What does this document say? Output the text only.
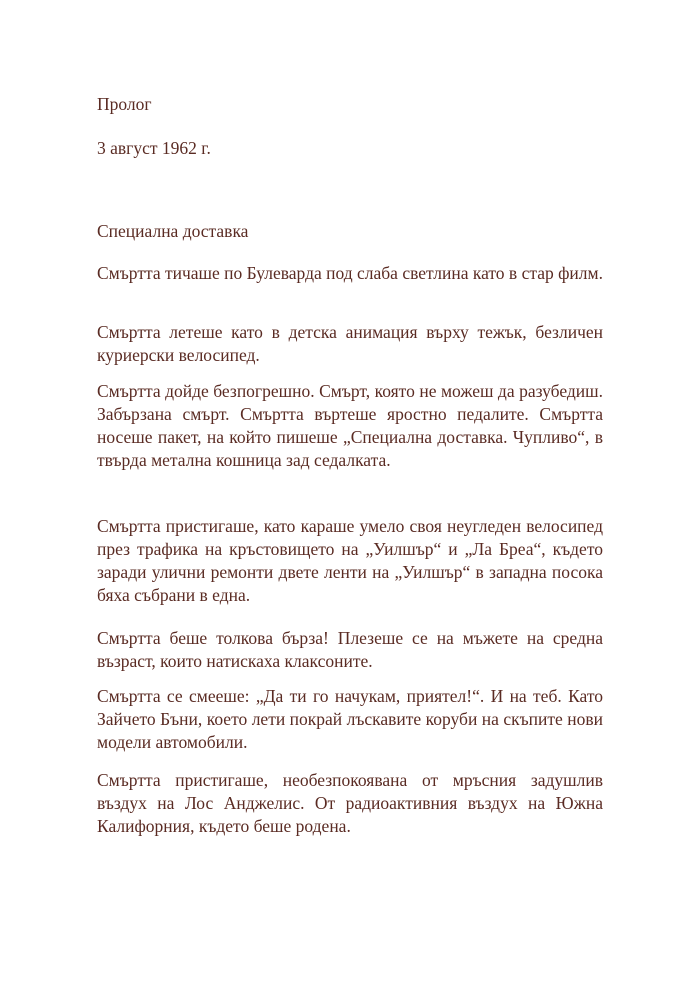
Пролог
3 август 1962 г.
Специална доставка

Смъртта тичаше по Булеварда под слаба светлина като в стар филм.

Смъртта летеше като в детска анимация върху тежък, безличен куриерски велосипед.

Смъртта дойде безпогрешно. Смърт, която не можеш да разубедиш. Забързана смърт. Смъртта въртеше яростно педалите. Смъртта носеше пакет, на който пишеше „Специална доставка. Чупливо“, в твърда метална кошница зад седалката.

Смъртта пристигаше, като караше умело своя неугледен велосипед през трафика на кръстовището на „Уилшър“ и „Ла Бреа“, където заради улични ремонти двете ленти на „Уилшър“ в западна посока бяха събрани в една.

Смъртта беше толкова бърза! Плезеше се на мъжете на средна възраст, които натискаха клаксоните.

Смъртта се смееше: „Да ти го начукам, приятел!“. И на теб. Като Зайчето Бъни, което лети покрай лъскавите коруби на скъпите нови модели автомобили.

Смъртта пристигаше, необезпокоявана от мръсния задушлив въздух на Лос Анджелис. От радиоактивния въздух на Южна Калифорния, където беше родена.
